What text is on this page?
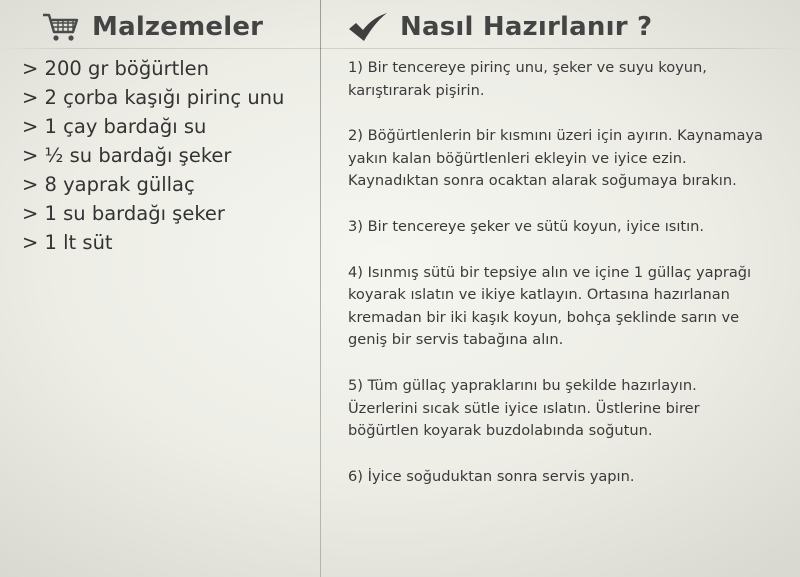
Malzemeler	Nasıl Hazırlanır ?
> 200 gr böğürtlen
> 2 çorba kaşığı pirinç unu
> 1 çay bardağı su
> ½ su bardağı şeker
> 8 yaprak güllaç
> 1 su bardağı şeker
> 1 lt süt

1) Bir tencereye pirinç unu, şeker ve suyu koyun, karıştırarak pişirin.

2) Böğürtlenlerin bir kısmını üzeri için ayırın. Kaynamaya yakın kalan böğürtlenleri ekleyin ve iyice ezin. Kaynadıktan sonra ocaktan alarak soğumaya bırakın.

3) Bir tencereye şeker ve sütü koyun, iyice ısıtın.

4) Isınmış sütü bir tepsiye alın ve içine 1 güllaç yaprağı koyarak ıslatın ve ikiye katlayın. Ortasına hazırlanan kremadan bir iki kaşık koyun, bohça şeklinde sarın ve geniş bir servis tabağına alın.

5) Tüm güllaç yapraklarını bu şekilde hazırlayın. Üzerlerini sıcak sütle iyice ıslatın. Üstlerine birer böğürtlen koyarak buzdolabında soğutun.

6) İyice soğuduktan sonra servis yapın.
